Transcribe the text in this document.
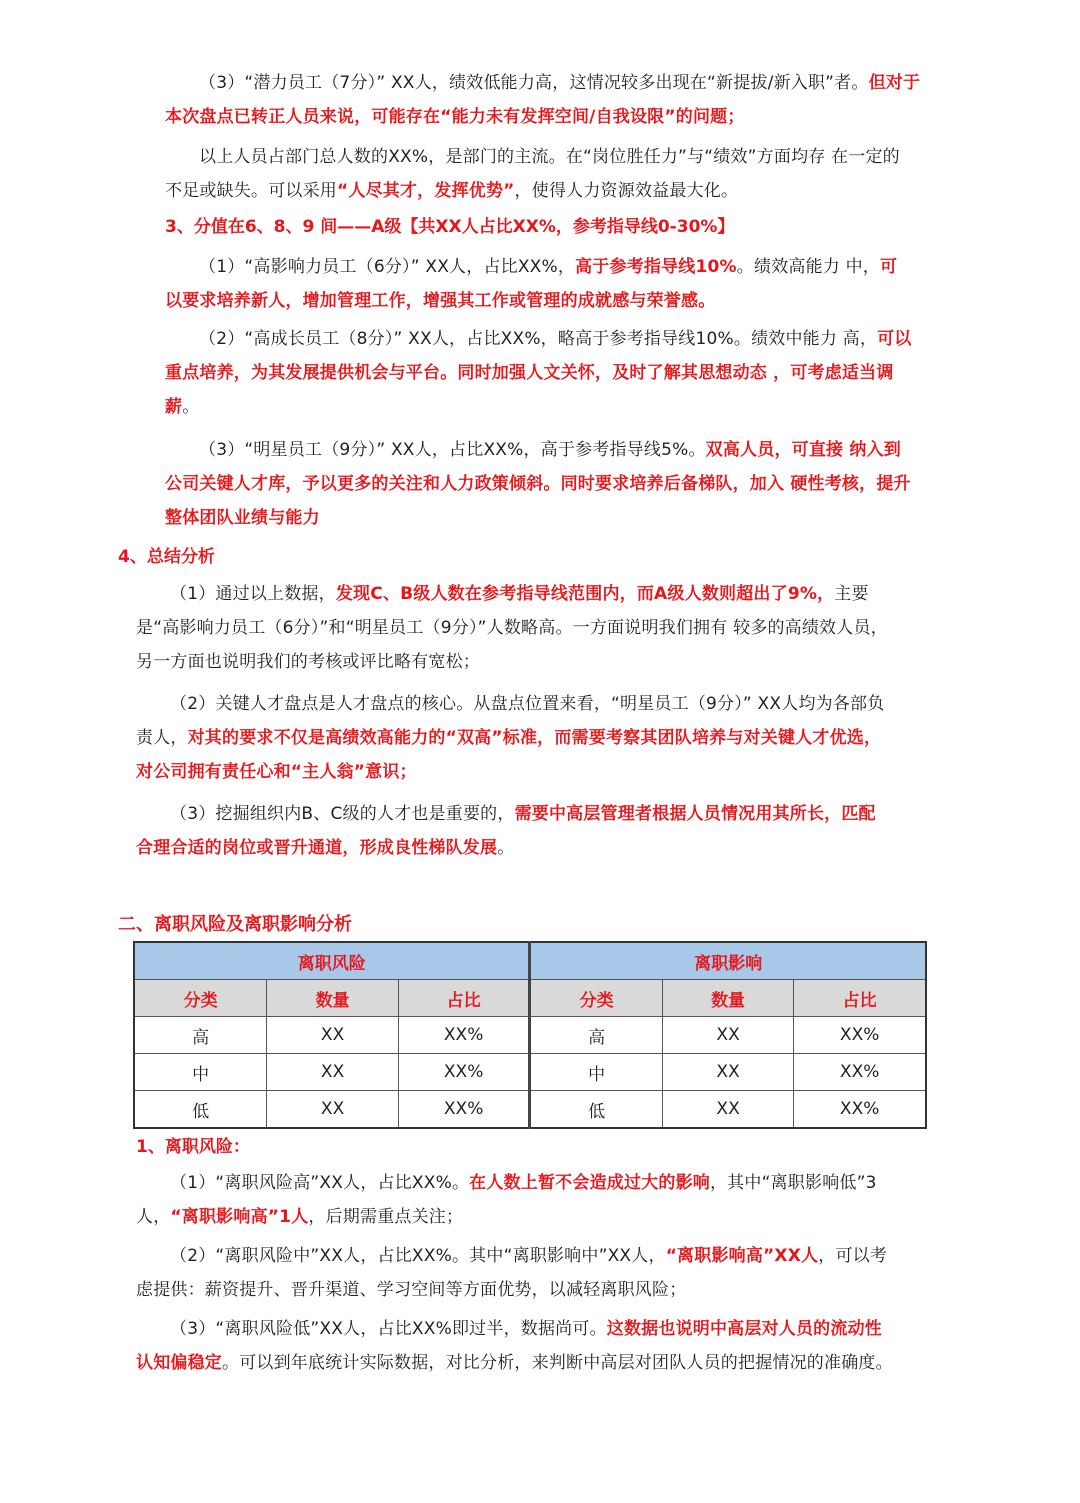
（3）“潜力员工（7分）” XX人，绩效低能力高，这情况较多出现在“新提拔/新入职”者。但对于本次盘点已转正人员来说，可能存在“能力未有发挥空间/自我设限”的问题；
以上人员占部门总人数的XX%，是部门的主流。在“岗位胜任力”与“绩效”方面均存 在一定的不足或缺失。可以采用“人尽其才，发挥优势”，使得人力资源效益最大化。
3、分值在6、8、9 间——A级【共XX人占比XX%，参考指导线0-30%】
（1）“高影响力员工（6分）” XX人，占比XX%，高于参考指导线10%。绩效高能力 中，可以要求培养新人，增加管理工作，增强其工作或管理的成就感与荣誉感。
（2）“高成长员工（8分）” XX人，占比XX%，略高于参考指导线10%。绩效中能力 高，可以重点培养，为其发展提供机会与平台。同时加强人文关怀，及时了解其思想动态 ，可考虑适当调薪。
（3）“明星员工（9分）” XX人，占比XX%，高于参考指导线5%。双高人员，可直接 纳入到公司关键人才库，予以更多的关注和人力政策倾斜。同时要求培养后备梯队，加入 硬性考核，提升整体团队业绩与能力
4、总结分析
（1）通过以上数据，发现C、B级人数在参考指导线范围内，而A级人数则超出了9%，主要是“高影响力员工（6分）”和“明星员工（9分）”人数略高。一方面说明我们拥有 较多的高绩效人员，另一方面也说明我们的考核或评比略有宽松；
（2）关键人才盘点是人才盘点的核心。从盘点位置来看，“明星员工（9分）” XX人均为各部负责人，对其的要求不仅是高绩效高能力的“双高”标准，而需要考察其团队培养与对关键人才优选，对公司拥有责任心和“主人翁”意识；
（3）挖掘组织内B、C级的人才也是重要的，需要中高层管理者根据人员情况用其所长，匹配合理合适的岗位或晋升通道，形成良性梯队发展。
二、离职风险及离职影响分析
离职风险			离职影响		
分类	数量	占比	分类	数量	占比
高	XX	XX%	高	XX	XX%
中	XX	XX%	中	XX	XX%
低	XX	XX%	低	XX	XX%
1、离职风险：
（1）“离职风险高”XX人，占比XX%。在人数上暂不会造成过大的影响，其中“离职影响低”3人，“离职影响高”1人，后期需重点关注；
（2）“离职风险中”XX人，占比XX%。其中“离职影响中”XX人，“离职影响高”XX人，可以考虑提供：薪资提升、晋升渠道、学习空间等方面优势，以减轻离职风险；
（3）“离职风险低”XX人，占比XX%即过半，数据尚可。这数据也说明中高层对人员的流动性认知偏稳定。可以到年底统计实际数据，对比分析，来判断中高层对团队人员的把握情况的准确度。
